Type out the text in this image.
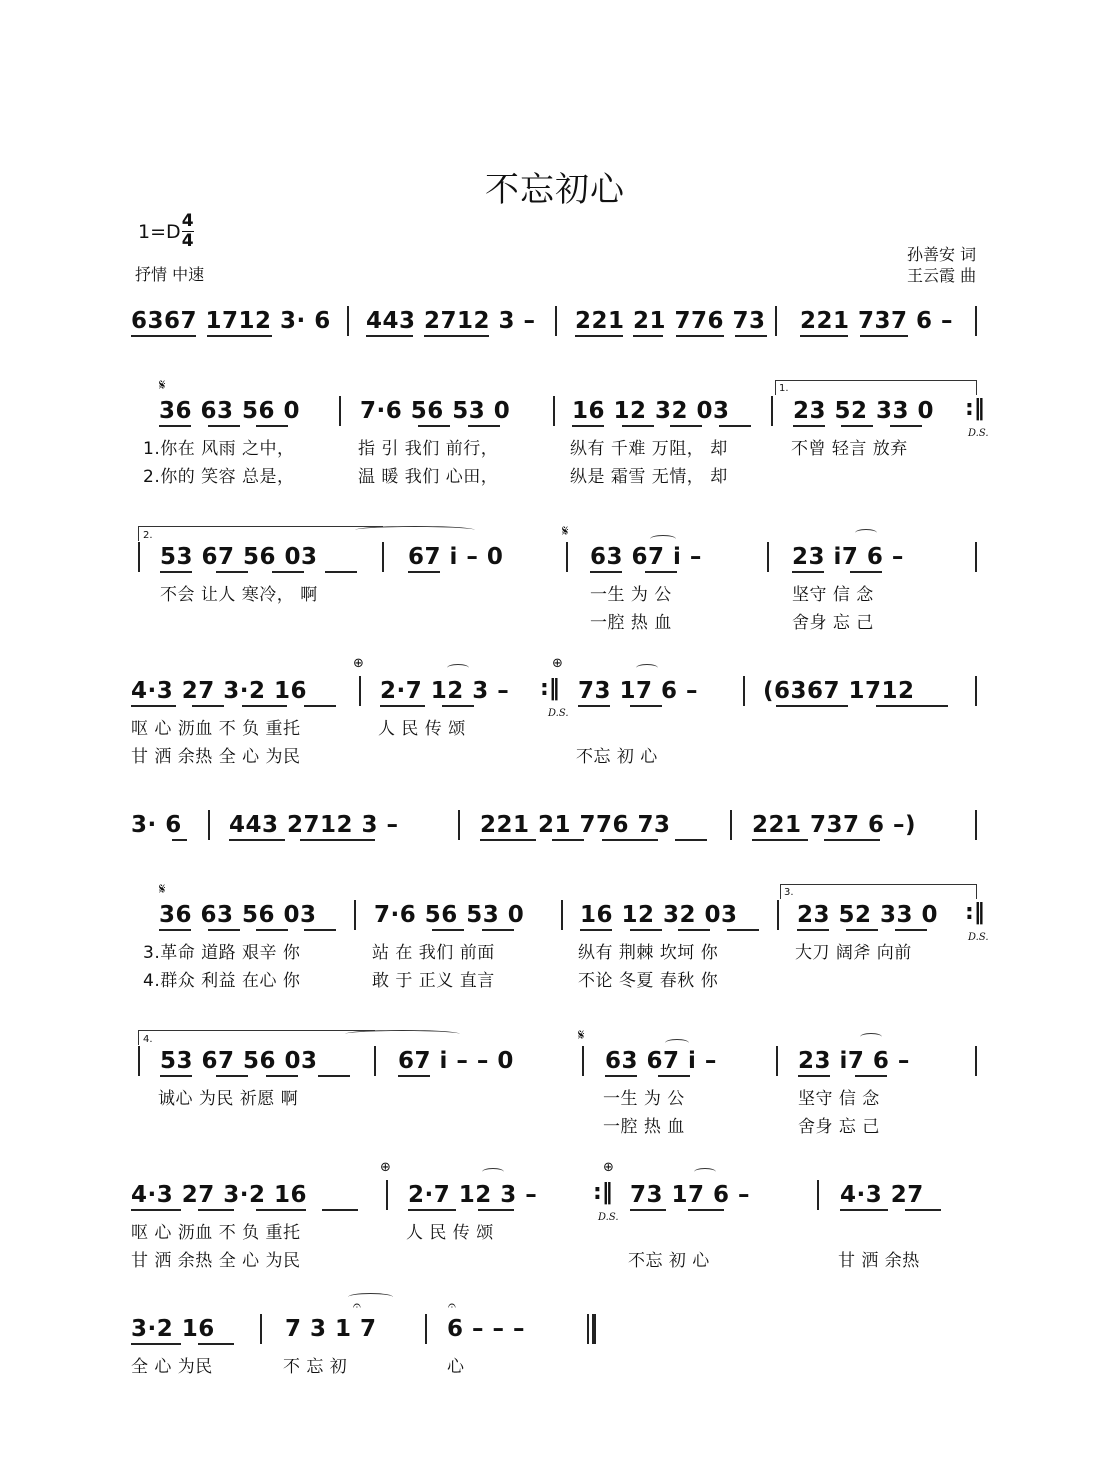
不忘初心
$1=D \frac{4}{4}$
抒情 中速
孙善安 词
王云霞 曲
6367 1712 3· 6 443 2712 3 – 221 21 776 73 221 737 6 –
𝄋
36 63 56 0	7·6 56 53 0	16 12 32 03
1.
23 52 33 0 :‖
D.S.
1.你在 风雨 之中，	指 引 我们 前行，	纵有 千难 万阻， 却	不曾 轻言 放弃
2.你的 笑容 总是，	温 暖 我们 心田，	纵是 霜雪 无情， 却
2.
53 67 56 03	67 i – 0
𝄋
63 67 i –	23 i7 6 –
不会 让人 寒冷， 啊	一生 为 公	坚守 信 念
一腔 热 血	舍身 忘 己
4·3 27 3·2 16
⊕
2·7 12 3 – :‖
⊕
D.S.
73 17 6 –	(6367 1712
呕 心 沥血 不 负 重托	人 民 传 颂
甘 洒 余热 全 心 为民	不忘 初 心
3· 6 443 2712 3 –	221 21 776 73	221 737 6 –)
𝄋
36 63 56 03 7·6 56 53 0 16 12 32 03
3.
23 52 33 0 :‖
D.S.
3.革命 道路 艰辛 你	站 在 我们 前面	纵有 荆棘 坎坷 你	大刀 阔斧 向前
4.群众 利益 在心 你	敢 于 正义 直言	不论 冬夏 春秋 你
4.
53 67 56 03	67 i – – 0
𝄋
63 67 i –	23 i7 6 –
诚心 为民 祈愿 啊	一生 为 公	坚守 信 念
一腔 热 血	舍身 忘 己
4·3 27 3·2 16
⊕
2·7 12 3 –	:‖
⊕
D.S.
73 17 6 –	4·3 27
呕 心 沥血 不 负 重托	人 民 传 颂
甘 洒 余热 全 心 为民	不忘 初 心	甘 洒 余热
3·2 16	7 3 1 7
𝄐
6 – – –
𝄐
全 心 为民	不 忘 初	心
